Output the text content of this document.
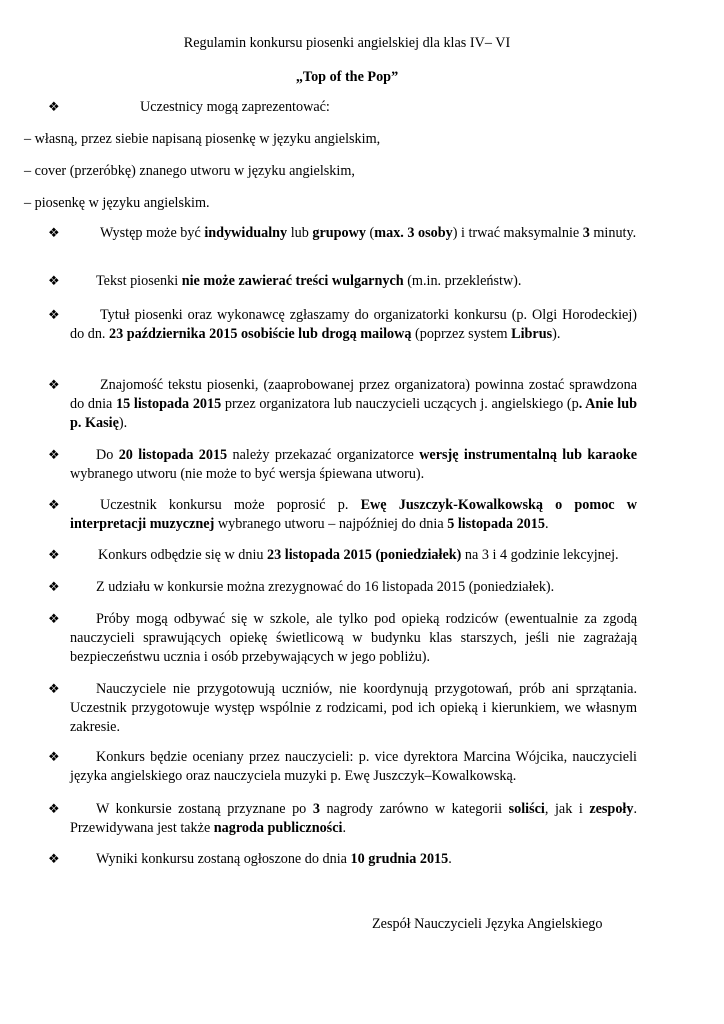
Regulamin konkursu piosenki angielskiej dla klas IV– VI
„Top of the Pop”
❖	Uczestnicy mogą zaprezentować:
– własną, przez siebie napisaną piosenkę w języku angielskim,
– cover (przeróbkę) znanego utworu w języku angielskim,
– piosenkę w języku angielskim.
❖	Występ może być indywidualny lub grupowy (max. 3 osoby) i trwać maksymalnie 3 minuty.
❖	Tekst piosenki nie może zawierać treści wulgarnych (m.in. przekleństw).
❖	Tytuł piosenki oraz wykonawcę zgłaszamy do organizatorki konkursu (p. Olgi Horodeckiej) do dn. 23 października 2015 osobiście lub drogą mailową (poprzez system Librus).
❖	Znajomość tekstu piosenki, (zaaprobowanej przez organizatora) powinna zostać sprawdzona do dnia 15 listopada 2015 przez organizatora lub nauczycieli uczących j. angielskiego (p. Anie lub p. Kasię).
❖	Do 20 listopada 2015 należy przekazać organizatorce wersję instrumentalną lub karaoke wybranego utworu (nie może to być wersja śpiewana utworu).
❖	Uczestnik konkursu może poprosić p. Ewę Juszczyk-Kowalkowską o pomoc w interpretacji muzycznej wybranego utworu – najpóźniej do dnia 5 listopada 2015.
❖	Konkurs odbędzie się w dniu 23 listopada 2015 (poniedziałek) na 3 i 4 godzinie lekcyjnej.
❖	Z udziału w konkursie można zrezygnować do 16 listopada 2015 (poniedziałek).
❖	Próby mogą odbywać się w szkole, ale tylko pod opieką rodziców (ewentualnie za zgodą nauczycieli sprawujących opiekę świetlicową w budynku klas starszych, jeśli nie zagrażają bezpieczeństwu ucznia i osób przebywających w jego pobliżu).
❖	Nauczyciele nie przygotowują uczniów, nie koordynują przygotowań, prób ani sprzątania. Uczestnik przygotowuje występ wspólnie z rodzicami, pod ich opieką i kierunkiem, we własnym zakresie.
❖	Konkurs będzie oceniany przez nauczycieli: p. vice dyrektora Marcina Wójcika, nauczycieli języka angielskiego oraz nauczyciela muzyki p. Ewę Juszczyk–Kowalkowską.
❖	W konkursie zostaną przyznane po 3 nagrody zarówno w kategorii soliści, jak i zespoły. Przewidywana jest także nagroda publiczności.
❖	Wyniki konkursu zostaną ogłoszone do dnia 10 grudnia 2015.
Zespół Nauczycieli Języka Angielskiego
